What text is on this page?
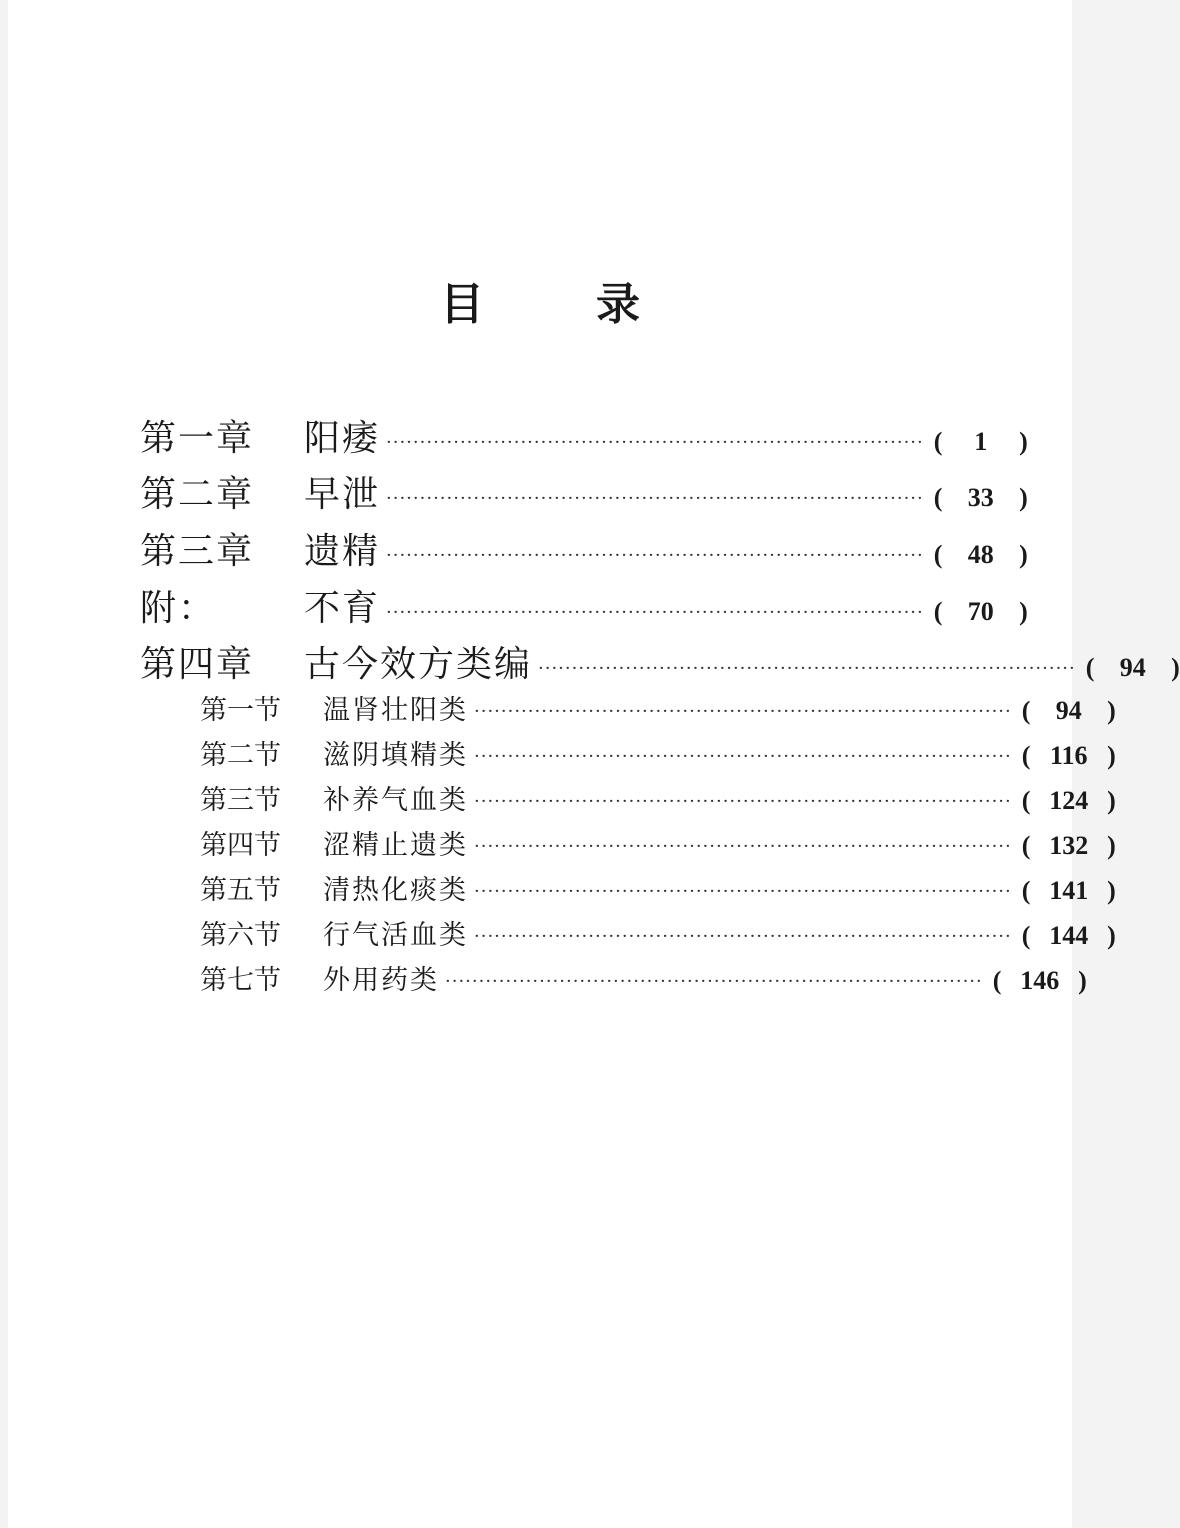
目	录
第一章	阳痿 ················································································ (	1	)
第二章	早泄 ················································································ ( 33 )
第三章	遗精 ················································································ ( 48 )
附：	不育 ················································································ ( 70 )
第四章	古今效方类编 ················································································ ( 94 )
第一节	温肾壮阳类 ················································································ ( 94 )
第二节	滋阴填精类 ················································································ ( 116 )
第三节	补养气血类 ················································································ ( 124 )
第四节	涩精止遗类 ················································································ ( 132 )
第五节	清热化痰类 ················································································ ( 141 )
第六节	行气活血类 ················································································ ( 144 )
第七节	外用药类 ················································································ ( 146 )
